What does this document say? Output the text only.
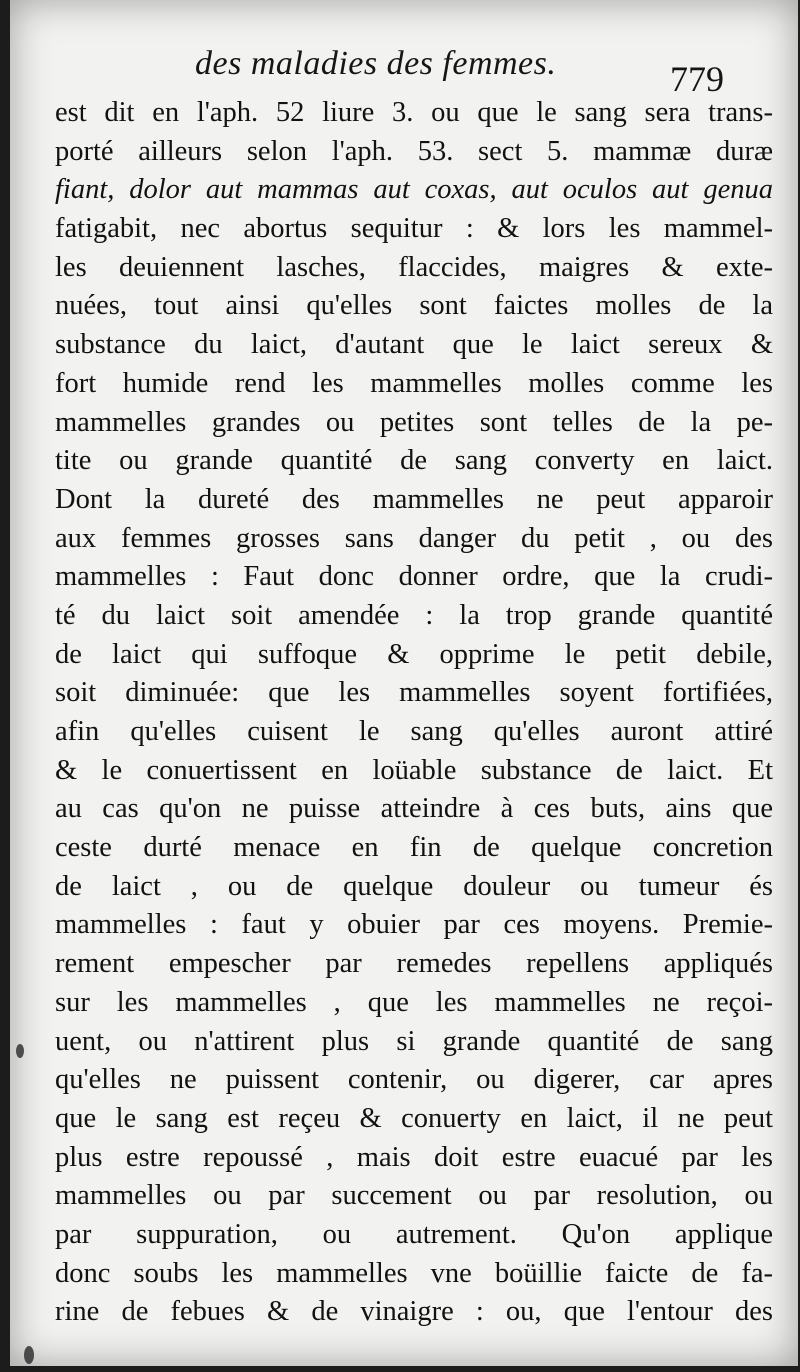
des maladies des femmes.	779
est dit en l'aph. 52 liure 3. ou que le sang sera trans-
porté ailleurs selon l'aph. 53. sect 5. mammæ duræ
fiant, dolor aut mammas aut coxas, aut oculos aut genua
fatigabit, nec abortus sequitur : & lors les mammel-
les deuiennent lasches, flaccides, maigres & exte-
nuées, tout ainsi qu'elles sont faictes molles de la
substance du laict, d'autant que le laict sereux &
fort humide rend les mammelles molles comme les
mammelles grandes ou petites sont telles de la pe-
tite ou grande quantité de sang converty en laict.
Dont la dureté des mammelles ne peut apparoir
aux femmes grosses sans danger du petit , ou des
mammelles : Faut donc donner ordre, que la crudi-
té du laict soit amendée : la trop grande quantité
de laict qui suffoque & opprime le petit debile,
soit diminuée: que les mammelles soyent fortifiées,
afin qu'elles cuisent le sang qu'elles auront attiré
& le conuertissent en loüable substance de laict. Et
au cas qu'on ne puisse atteindre à ces buts, ains que
ceste durté menace en fin de quelque concretion
de laict , ou de quelque douleur ou tumeur és
mammelles : faut y obuier par ces moyens. Premie-
rement empescher par remedes repellens appliqués
sur les mammelles , que les mammelles ne reçoi-
uent, ou n'attirent plus si grande quantité de sang
qu'elles ne puissent contenir, ou digerer, car apres
que le sang est reçeu & conuerty en laict, il ne peut
plus estre repoussé , mais doit estre euacué par les
mammelles ou par succement ou par resolution, ou
par suppuration, ou autrement. Qu'on applique
donc soubs les mammelles vne boüillie faicte de fa-
rine de febues & de vinaigre : ou, que l'entour des
